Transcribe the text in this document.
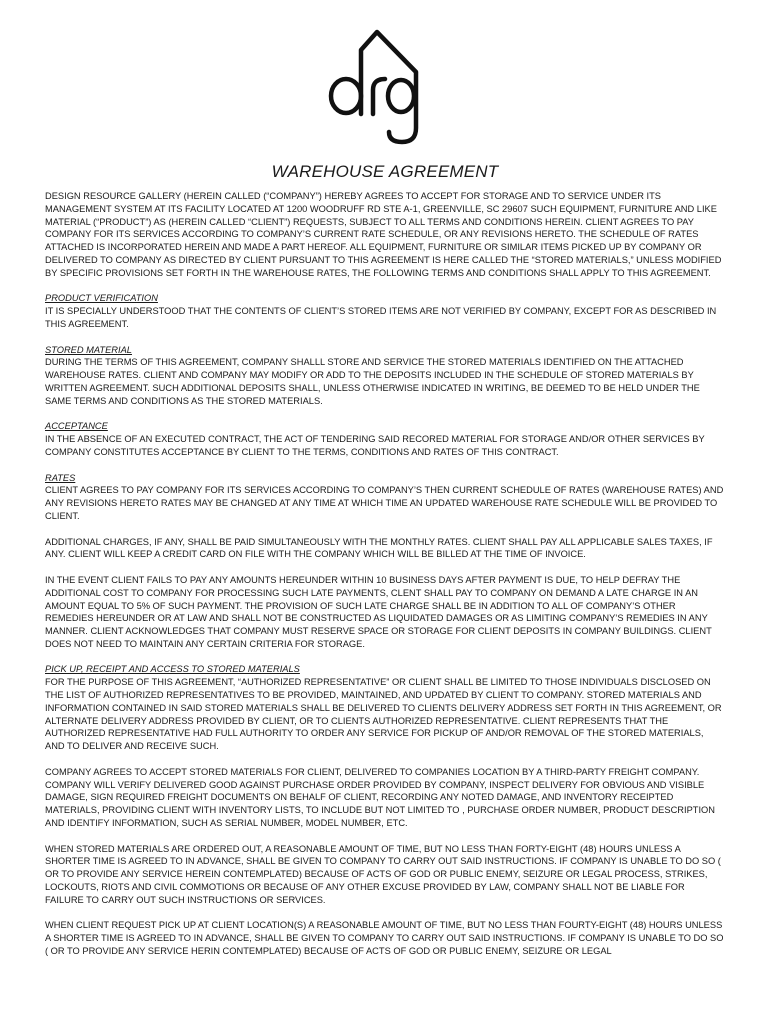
WAREHOUSE AGREEMENT

DESIGN RESOURCE GALLERY (HEREIN CALLED (“COMPANY”) HEREBY AGREES TO ACCEPT FOR STORAGE AND TO SERVICE UNDER ITS MANAGEMENT SYSTEM AT ITS FACILITY LOCATED AT 1200 WOODRUFF RD STE A-1, GREENVILLE, SC 29607 SUCH EQUIPMENT, FURNITURE AND LIKE MATERIAL (“PRODUCT”) AS (HEREIN CALLED “CLIENT”) REQUESTS, SUBJECT TO ALL TERMS AND CONDITIONS HEREIN. CLIENT AGREES TO PAY COMPANY FOR ITS SERVICES ACCORDING TO COMPANY’S CURRENT RATE SCHEDULE, OR ANY REVISIONS HERETO. THE SCHEDULE OF RATES ATTACHED IS INCORPORATED HEREIN AND MADE A PART HEREOF. ALL EQUIPMENT, FURNITURE OR SIMILAR ITEMS PICKED UP BY COMPANY OR DELIVERED TO COMPANY AS DIRECTED BY CLIENT PURSUANT TO THIS AGREEMENT IS HERE CALLED THE “STORED MATERIALS,” UNLESS MODIFIED BY SPECIFIC PROVISIONS SET FORTH IN THE WAREHOUSE RATES, THE FOLLOWING TERMS AND CONDITIONS SHALL APPLY TO THIS AGREEMENT.

PRODUCT VERIFICATION
IT IS SPECIALLY UNDERSTOOD THAT THE CONTENTS OF CLIENT’S STORED ITEMS ARE NOT VERIFIED BY COMPANY, EXCEPT FOR AS DESCRIBED IN THIS AGREEMENT.

STORED MATERIAL
DURING THE TERMS OF THIS AGREEMENT, COMPANY SHALLL STORE AND SERVICE THE STORED MATERIALS IDENTIFIED ON THE ATTACHED WAREHOUSE RATES. CLIENT AND COMPANY MAY MODIFY OR ADD TO THE DEPOSITS INCLUDED IN THE SCHEDULE OF STORED MATERIALS BY WRITTEN AGREEMENT. SUCH ADDITIONAL DEPOSITS SHALL, UNLESS OTHERWISE INDICATED IN WRITING, BE DEEMED TO BE HELD UNDER THE SAME TERMS AND CONDITIONS AS THE STORED MATERIALS.

ACCEPTANCE
IN THE ABSENCE OF AN EXECUTED CONTRACT, THE ACT OF TENDERING SAID RECORED MATERIAL FOR STORAGE AND/OR OTHER SERVICES BY COMPANY CONSTITUTES ACCEPTANCE BY CLIENT TO THE TERMS, CONDITIONS AND RATES OF THIS CONTRACT.

RATES
CLIENT AGREES TO PAY COMPANY FOR ITS SERVICES ACCORDING TO COMPANY’S THEN CURRENT SCHEDULE OF RATES (WAREHOUSE RATES) AND ANY REVISIONS HERETO RATES MAY BE CHANGED AT ANY TIME AT WHICH TIME AN UPDATED WAREHOUSE RATE SCHEDULE WILL BE PROVIDED TO CLIENT.

ADDITIONAL CHARGES, IF ANY, SHALL BE PAID SIMULTANEOUSLY WITH THE MONTHLY RATES. CLIENT SHALL PAY ALL APPLICABLE SALES TAXES, IF ANY. CLIENT WILL KEEP A CREDIT CARD ON FILE WITH THE COMPANY WHICH WILL BE BILLED AT THE TIME OF INVOICE.

IN THE EVENT CLIENT FAILS TO PAY ANY AMOUNTS HEREUNDER WITHIN 10 BUSINESS DAYS AFTER PAYMENT IS DUE, TO HELP DEFRAY THE ADDITIONAL COST TO COMPANY FOR PROCESSING SUCH LATE PAYMENTS, CLENT SHALL PAY TO COMPANY ON DEMAND A LATE CHARGE IN AN AMOUNT EQUAL TO 5% OF SUCH PAYMENT. THE PROVISION OF SUCH LATE CHARGE SHALL BE IN ADDITION TO ALL OF COMPANY’S OTHER REMEDIES HEREUNDER OR AT LAW AND SHALL NOT BE CONSTRUCTED AS LIQUIDATED DAMAGES OR AS LIMITING COMPANY’S REMEDIES IN ANY MANNER. CLIENT ACKNOWLEDGES THAT COMPANY MUST RESERVE SPACE OR STORAGE FOR CLIENT DEPOSITS IN COMPANY BUILDINGS. CLIENT DOES NOT NEED TO MAINTAIN ANY CERTAIN CRITERIA FOR STORAGE.

PICK UP, RECEIPT AND ACCESS TO STORED MATERIALS
FOR THE PURPOSE OF THIS AGREEMENT, “AUTHORIZED REPRESENTATIVE” OR CLIENT SHALL BE LIMITED TO THOSE INDIVIDUALS DISCLOSED ON THE LIST OF AUTHORIZED REPRESENTATIVES TO BE PROVIDED, MAINTAINED, AND UPDATED BY CLIENT TO COMPANY. STORED MATERIALS AND INFORMATION CONTAINED IN SAID STORED MATERIALS SHALL BE DELIVERED TO CLIENTS DELIVERY ADDRESS SET FORTH IN THIS AGREEMENT, OR ALTERNATE DELIVERY ADDRESS PROVIDED BY CLIENT, OR TO CLIENTS AUTHORIZED REPRESENTATIVE. CLIENT REPRESENTS THAT THE AUTHORIZED REPRESENTATIVE HAD FULL AUTHORITY TO ORDER ANY SERVICE FOR PICKUP OF AND/OR REMOVAL OF THE STORED MATERIALS, AND TO DELIVER AND RECEIVE SUCH.

COMPANY AGREES TO ACCEPT STORED MATERIALS FOR CLIENT, DELIVERED TO COMPANIES LOCATION BY A THIRD-PARTY FREIGHT COMPANY. COMPANY WILL VERIFY DELIVERED GOOD AGAINST PURCHASE ORDER PROVIDED BY COMPANY, INSPECT DELIVERY FOR OBVIOUS AND VISIBLE DAMAGE, SIGN REQUIRED FREIGHT DOCUMENTS ON BEHALF OF CLIENT, RECORDING ANY NOTED DAMAGE, AND INVENTORY RECEIPTED MATERIALS, PROVIDING CLIENT WITH INVENTORY LISTS, TO INCLUDE BUT NOT LIMITED TO , PURCHASE ORDER NUMBER, PRODUCT DESCRIPTION AND IDENTIFY INFORMATION, SUCH AS SERIAL NUMBER, MODEL NUMBER, ETC.

WHEN STORED MATERIALS ARE ORDERED OUT, A REASONABLE AMOUNT OF TIME, BUT NO LESS THAN FORTY-EIGHT (48) HOURS UNLESS A SHORTER TIME IS AGREED TO IN ADVANCE, SHALL BE GIVEN TO COMPANY TO CARRY OUT SAID INSTRUCTIONS. IF COMPANY IS UNABLE TO DO SO ( OR TO PROVIDE ANY SERVICE HEREIN CONTEMPLATED) BECAUSE OF ACTS OF GOD OR PUBLIC ENEMY, SEIZURE OR LEGAL PROCESS, STRIKES, LOCKOUTS, RIOTS AND CIVIL COMMOTIONS OR BECAUSE OF ANY OTHER EXCUSE PROVIDED BY LAW, COMPANY SHALL NOT BE LIABLE FOR FAILURE TO CARRY OUT SUCH INSTRUCTIONS OR SERVICES.

WHEN CLIENT REQUEST PICK UP AT CLIENT LOCATION(S) A REASONABLE AMOUNT OF TIME, BUT NO LESS THAN FOURTY-EIGHT (48) HOURS UNLESS A SHORTER TIME IS AGREED TO IN ADVANCE, SHALL BE GIVEN TO COMPANY TO CARRY OUT SAID INSTRUCTIONS. IF COMPANY IS UNABLE TO DO SO ( OR TO PROVIDE ANY SERVICE HERIN CONTEMPLATED) BECAUSE OF ACTS OF GOD OR PUBLIC ENEMY, SEIZURE OR LEGAL
